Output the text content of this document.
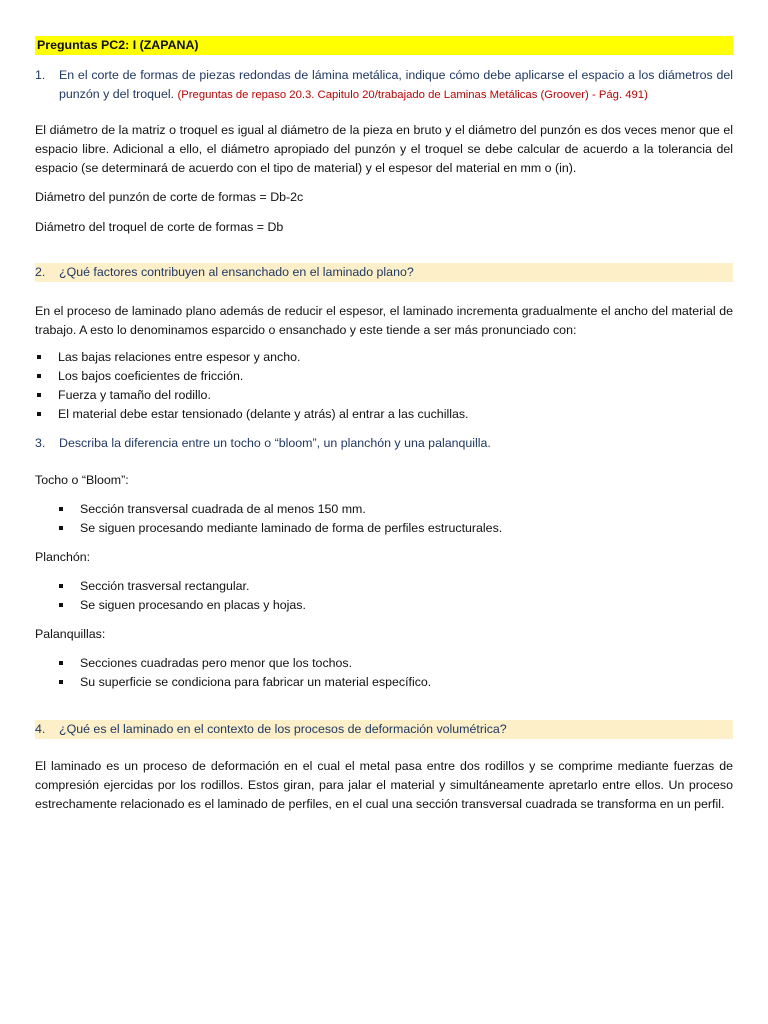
Preguntas PC2: I (ZAPANA)
1.	En el corte de formas de piezas redondas de lámina metálica, indique cómo debe aplicarse el espacio a los diámetros del punzón y del troquel. (Preguntas de repaso 20.3. Capitulo 20/trabajado de Laminas Metálicas (Groover) - Pág. 491)

El diámetro de la matriz o troquel es igual al diámetro de la pieza en bruto y el diámetro del punzón es dos veces menor que el espacio libre. Adicional a ello, el diámetro apropiado del punzón y el troquel se debe calcular de acuerdo a la tolerancia del espacio (se determinará de acuerdo con el tipo de material) y el espesor del material en mm o (in).

Diámetro del punzón de corte de formas = Db-2c

Diámetro del troquel de corte de formas = Db

2.	¿Qué factores contribuyen al ensanchado en el laminado plano?

En el proceso de laminado plano además de reducir el espesor, el laminado incrementa gradualmente el ancho del material de trabajo. A esto lo denominamos esparcido o ensanchado y este tiende a ser más pronunciado con:

Las bajas relaciones entre espesor y ancho.
Los bajos coeficientes de fricción.
Fuerza y tamaño del rodillo.
El material debe estar tensionado (delante y atrás) al entrar a las cuchillas.
3.	Describa la diferencia entre un tocho o “bloom”, un planchón y una palanquilla.

Tocho o “Bloom”:

Sección transversal cuadrada de al menos 150 mm.
Se siguen procesando mediante laminado de forma de perfiles estructurales.

Planchón:

Sección trasversal rectangular.
Se siguen procesando en placas y hojas.

Palanquillas:

Secciones cuadradas pero menor que los tochos.
Su superficie se condiciona para fabricar un material específico.
4.	¿Qué es el laminado en el contexto de los procesos de deformación volumétrica?

El laminado es un proceso de deformación en el cual el metal pasa entre dos rodillos y se comprime mediante fuerzas de compresión ejercidas por los rodillos. Estos giran, para jalar el material y simultáneamente apretarlo entre ellos. Un proceso estrechamente relacionado es el laminado de perfiles, en el cual una sección transversal cuadrada se transforma en un perfil.
